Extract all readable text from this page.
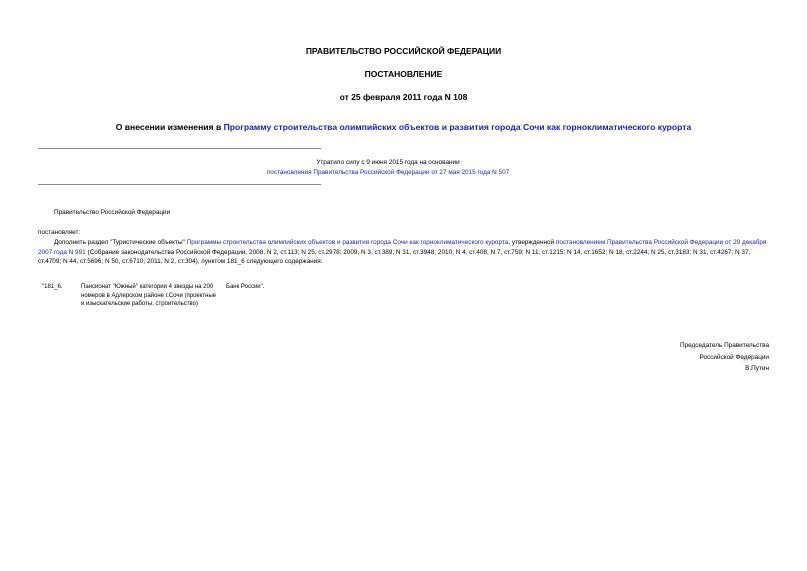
ПРАВИТЕЛЬСТВО РОССИЙСКОЙ ФЕДЕРАЦИИ
ПОСТАНОВЛЕНИЕ
от 25 февраля 2011 года N 108
О внесении изменения в Программу строительства олимпийских объектов и развития города Сочи как горноклиматического курорта
Утратило силу с 9 июня 2015 года на основании
постановления Правительства Российской Федерации от 27 мая 2015 года N 507
Правительство Российской Федерации
постановляет:
Дополнить раздел "Туристические объекты" Программы строительства олимпийских объектов и развития города Сочи как горноклиматического курорта, утвержденной постановлением Правительства Российской Федерации от 29 декабря 2007 года N 991 (Собрание законодательства Российской Федерации, 2008, N 2, ст.113; N 25, ст.2978; 2009, N 3, ст.389; N 31, ст.3948; 2010, N 4, ст.408; N 7, ст.759; N 11, ст.1215; N 14, ст.1652; N 18, ст.2244; N 25, ст.3183; N 31, ст.4267; N 37, ст.4709; N 44, ст.5696; N 50, ст.6710; 2011, N 2, ст.304), пунктом 181_6 следующего содержания:
"181_6.	Пансионат "Южный" категории 4 звезды на 200 номеров в Адлерском районе г.Сочи (проектные и изыскательские работы, строительство)
Банк России".
Председатель Правительства
Российской Федерации
В.Путин
